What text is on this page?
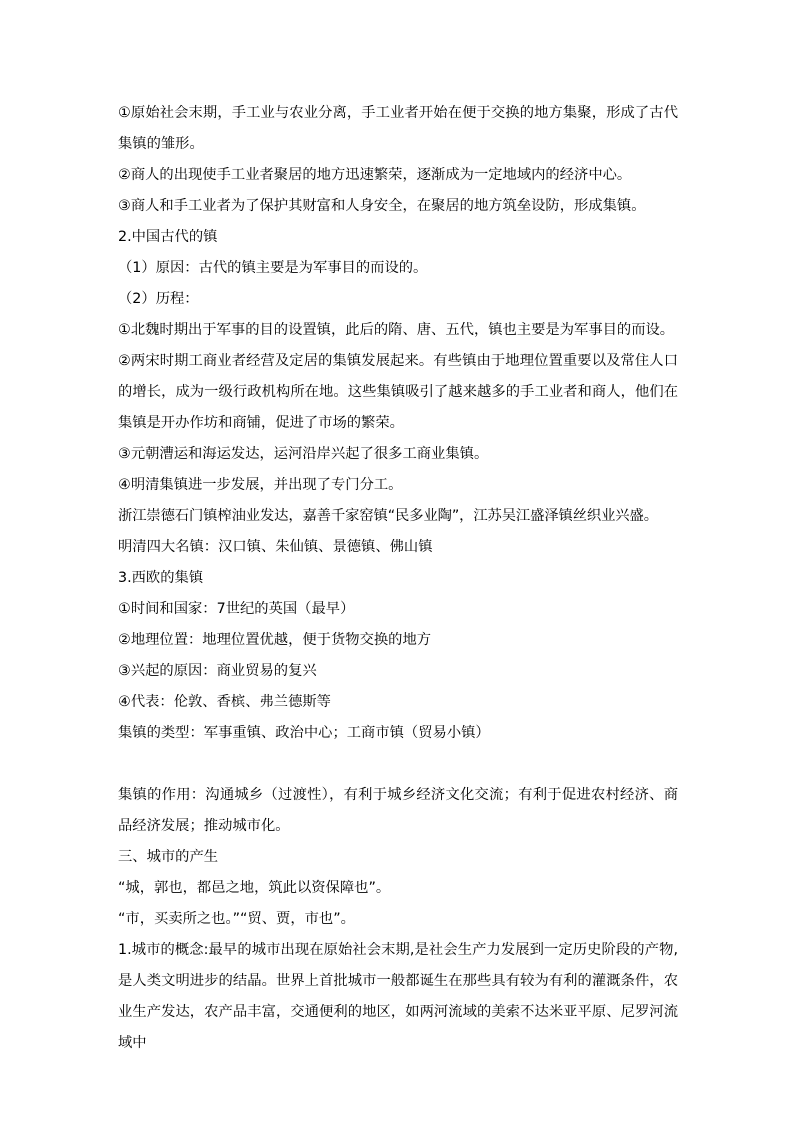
①原始社会末期，手工业与农业分离，手工业者开始在便于交换的地方集聚，形成了古代集镇的雏形。

②商人的出现使手工业者聚居的地方迅速繁荣，逐渐成为一定地域内的经济中心。

③商人和手工业者为了保护其财富和人身安全，在聚居的地方筑垒设防，形成集镇。

2.中国古代的镇

（1）原因：古代的镇主要是为军事目的而设的。

（2）历程：

①北魏时期出于军事的目的设置镇，此后的隋、唐、五代，镇也主要是为军事目的而设。

②两宋时期工商业者经营及定居的集镇发展起来。有些镇由于地理位置重要以及常住人口的增长，成为一级行政机构所在地。这些集镇吸引了越来越多的手工业者和商人，他们在集镇是开办作坊和商铺，促进了市场的繁荣。

③元朝漕运和海运发达，运河沿岸兴起了很多工商业集镇。

④明清集镇进一步发展，并出现了专门分工。

浙江崇德石门镇榨油业发达，嘉善千家窑镇“民多业陶”，江苏吴江盛泽镇丝织业兴盛。

明清四大名镇：汉口镇、朱仙镇、景德镇、佛山镇

3.西欧的集镇

①时间和国家：7世纪的英国（最早）

②地理位置：地理位置优越，便于货物交换的地方

③兴起的原因：商业贸易的复兴

④代表：伦敦、香槟、弗兰德斯等

集镇的类型：军事重镇、政治中心；工商市镇（贸易小镇）

集镇的作用：沟通城乡（过渡性），有利于城乡经济文化交流；有利于促进农村经济、商品经济发展；推动城市化。

三、城市的产生

“城，郭也，都邑之地，筑此以资保障也”。

“市，买卖所之也。”“贸、贾，市也”。

1.城市的概念:最早的城市出现在原始社会末期,是社会生产力发展到一定历史阶段的产物,是人类文明进步的结晶。世界上首批城市一般都诞生在那些具有较为有利的灌溉条件，农业生产发达，农产品丰富，交通便利的地区，如两河流域的美索不达米亚平原、尼罗河流域中
